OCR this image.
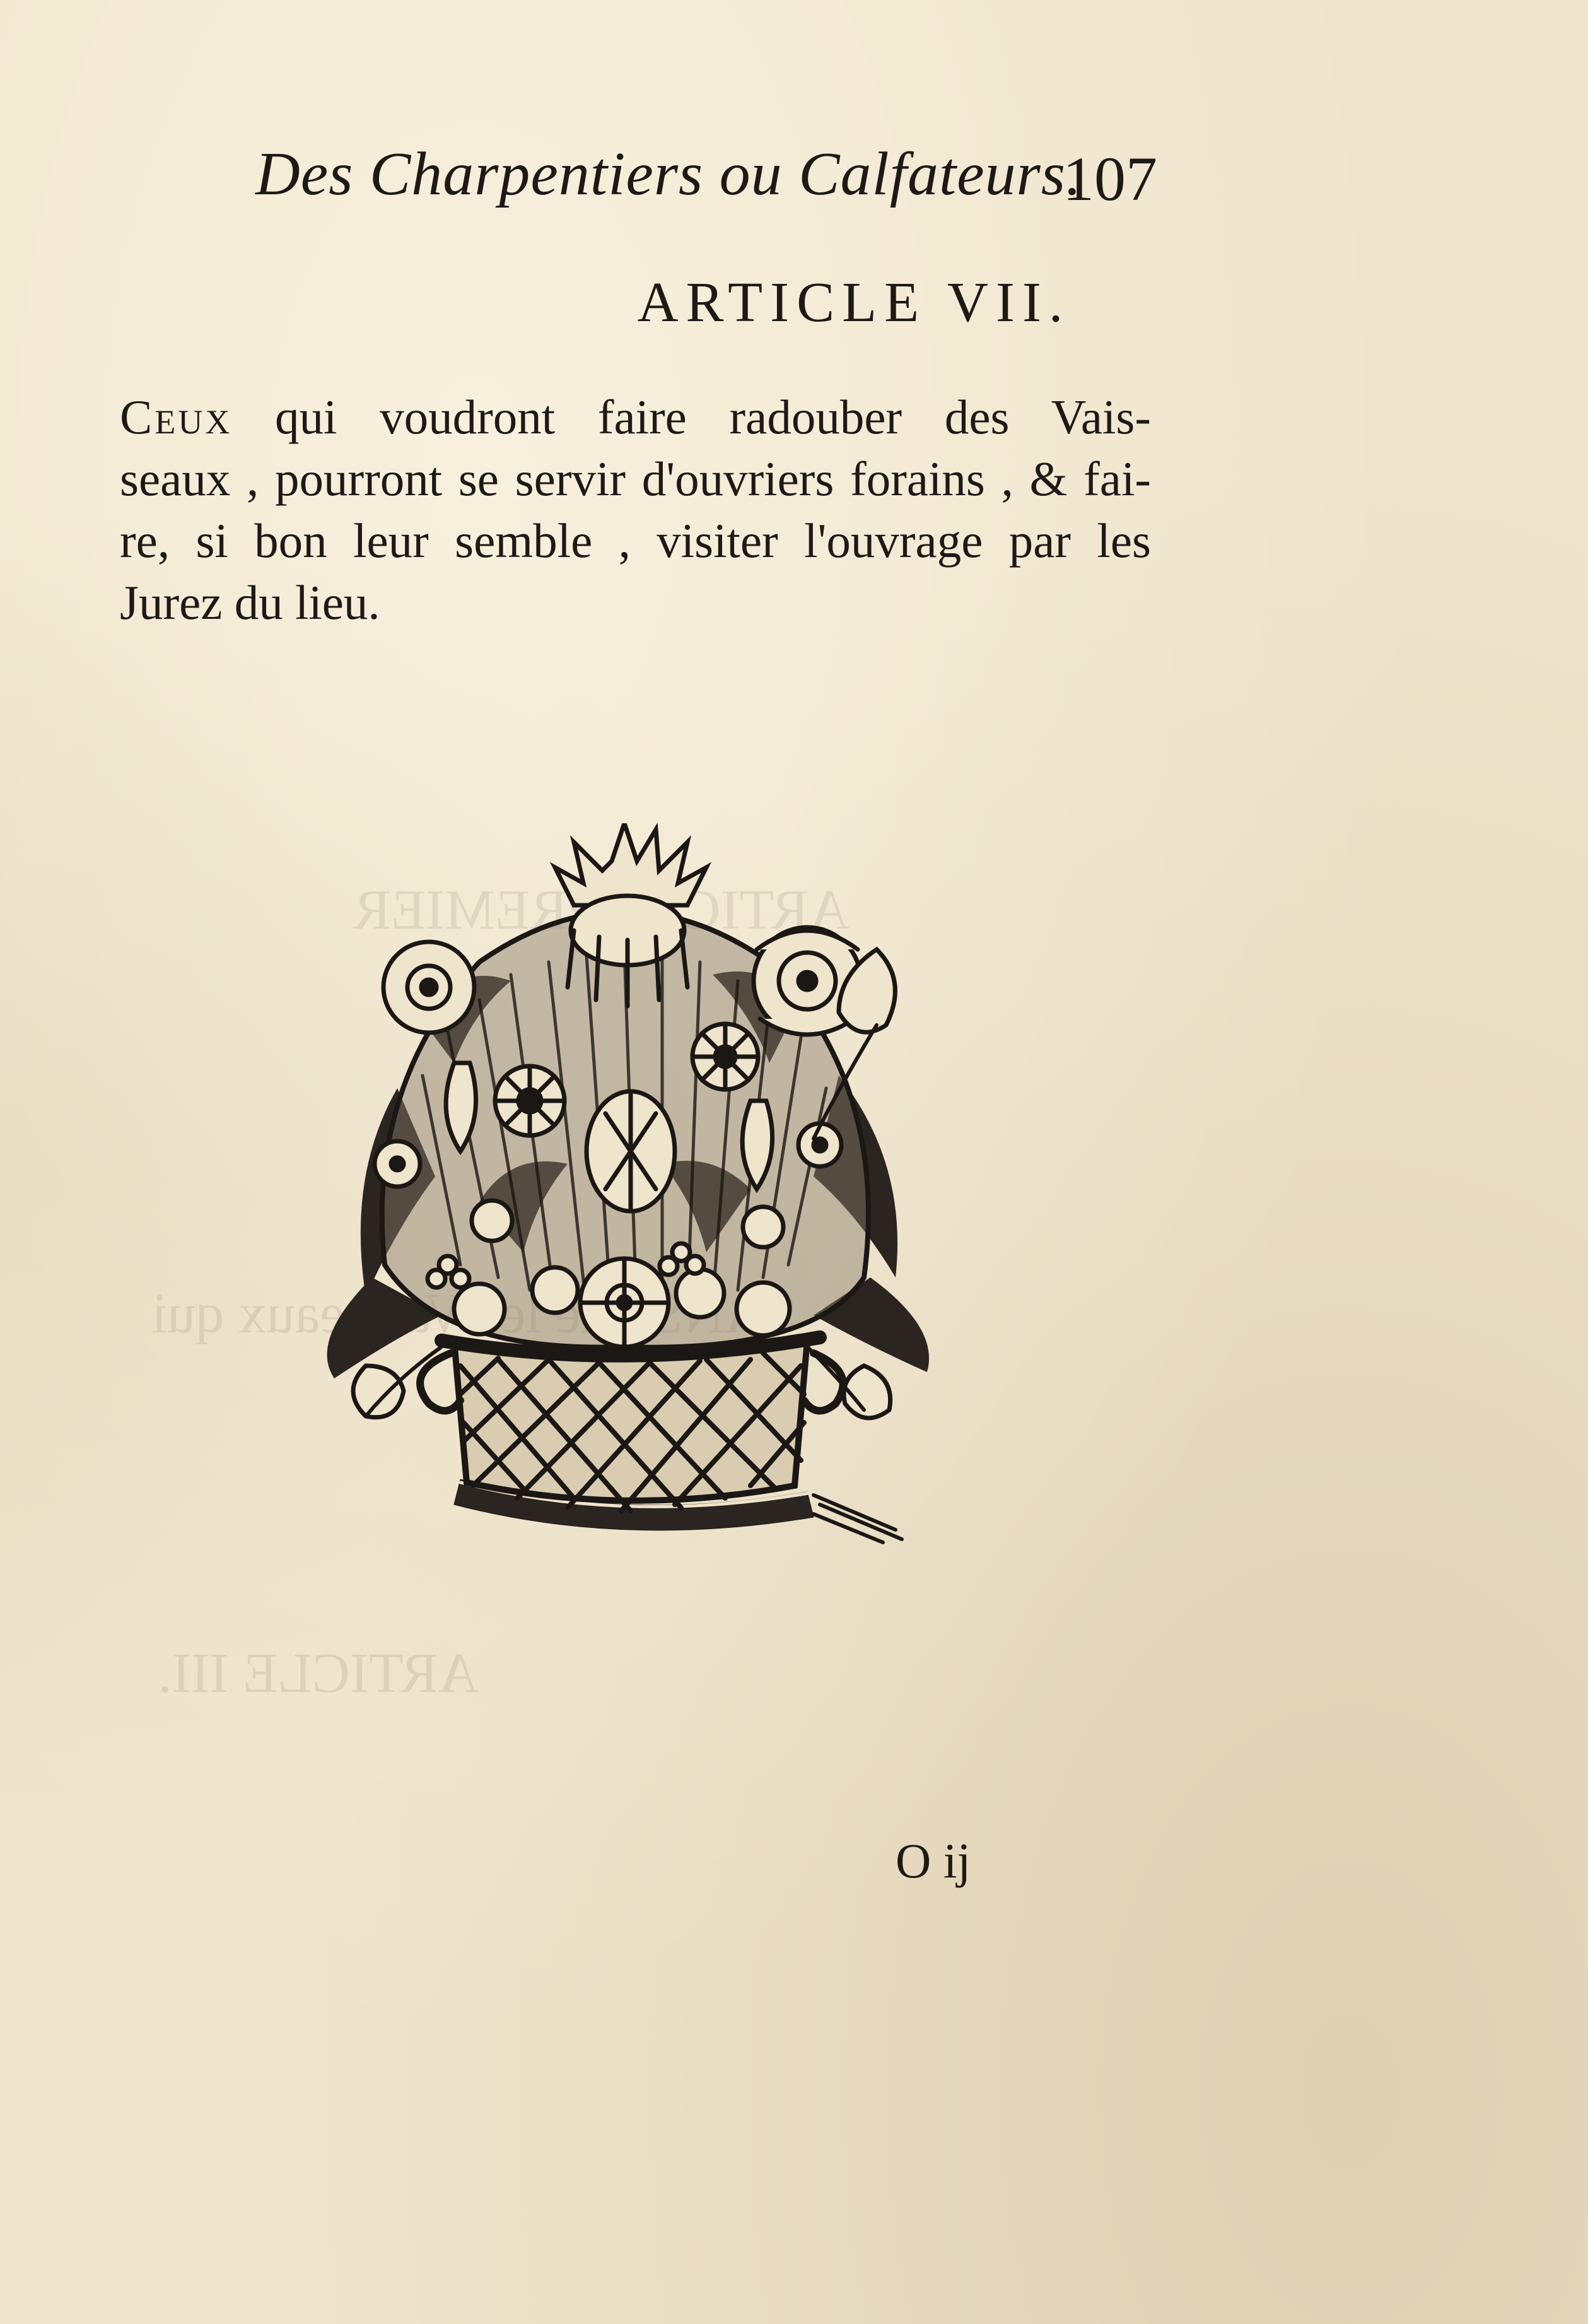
ARTICLE PREMIER
SANS les qui
ARTICLE III.
Des Charpentiers ou Calfateurs.
107
ARTICLE VII.
Ceux qui voudront faire radouber des Vais-
seaux , pourront se servir d'ouvriers forains , & fai-
re, si bon leur semble , visiter l'ouvrage par les
Jurez du lieu.
O ij
